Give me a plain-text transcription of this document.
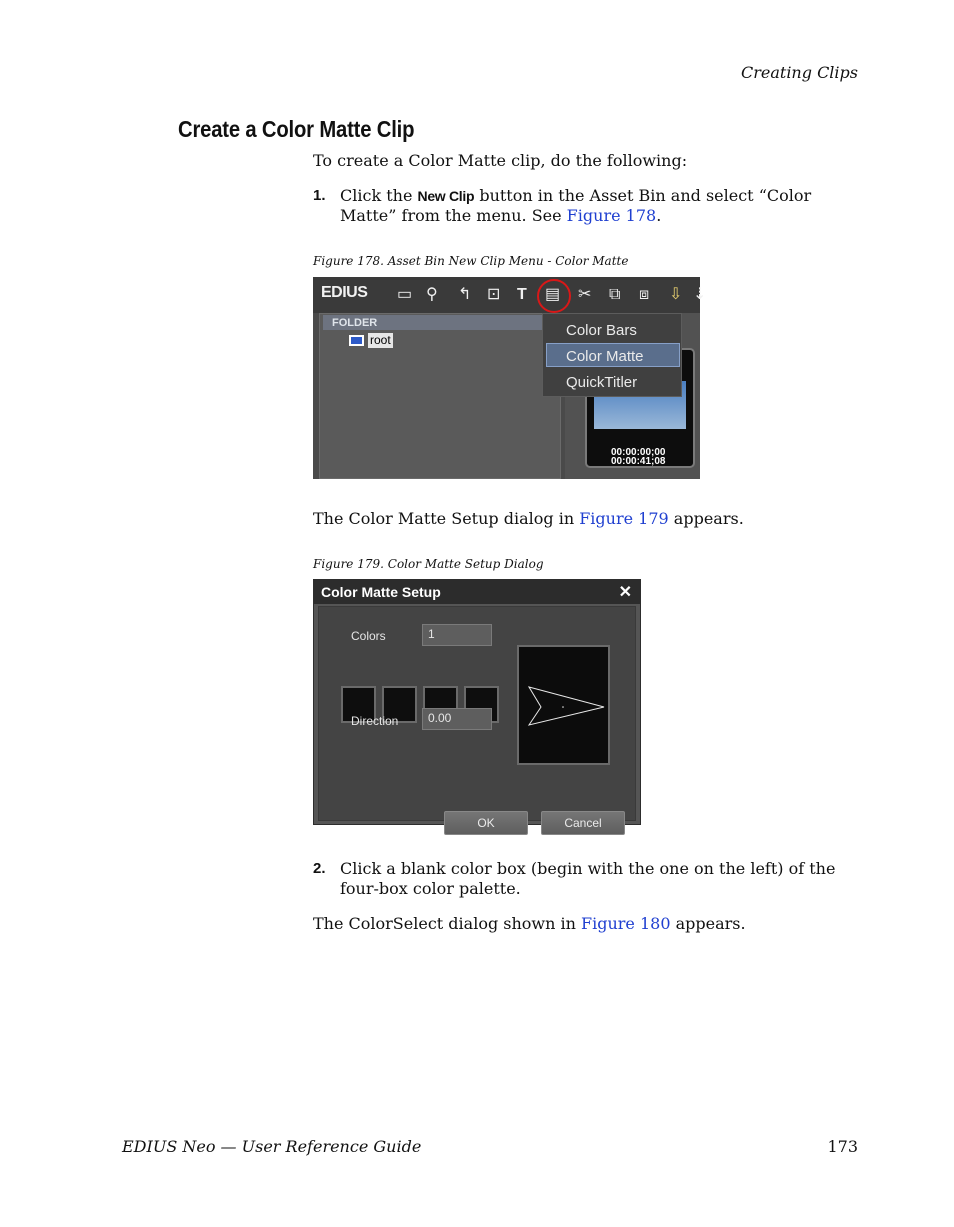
Creating Clips
Create a Color Matte Clip
To create a Color Matte clip, do the following:
1. Click the New Clip button in the Asset Bin and select “Color Matte” from the menu. See Figure 178.
Figure 178. Asset Bin New Clip Menu - Color Matte
EDIUS ▭ ⚲ ↰ ⊡ T ▤ ✂ ⧉ ⧈ ⇩ ⇣
FOLDER
root
00:00:00;00
00:00:41;08
Color Bars
Color Matte
QuickTitler
The Color Matte Setup dialog in Figure 179 appears.
Figure 179. Color Matte Setup Dialog
Color Matte Setup	✕
Colors	1
Direction	0.00
OK	Cancel
2. Click a blank color box (begin with the one on the left) of the four-box color palette.
The ColorSelect dialog shown in Figure 180 appears.
EDIUS Neo — User Reference Guide	173
